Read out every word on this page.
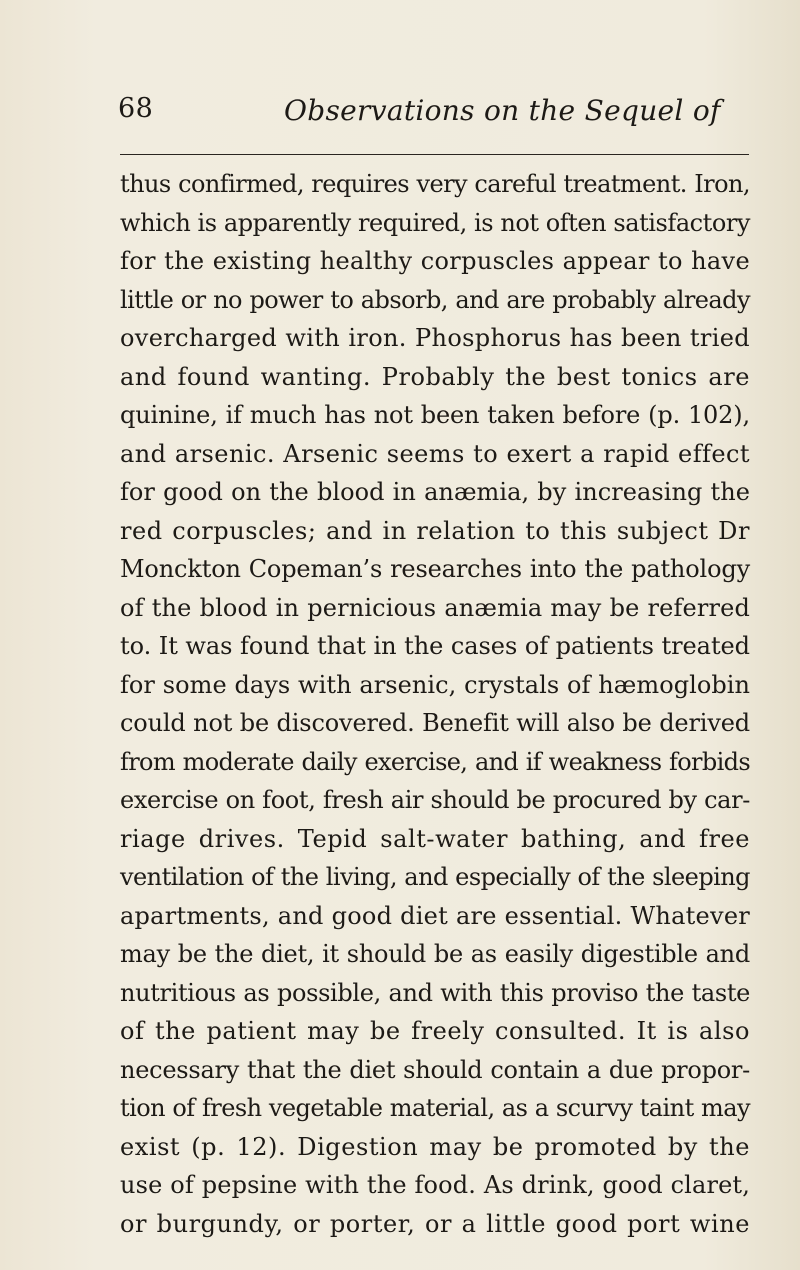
68	Observations on the Sequel of
thus confirmed, requires very careful treatment. Iron,
which is apparently required, is not often satisfactory
for the existing healthy corpuscles appear to have
little or no power to absorb, and are probably already
overcharged with iron. Phosphorus has been tried
and found wanting. Probably the best tonics are
quinine, if much has not been taken before (p. 102),
and arsenic. Arsenic seems to exert a rapid effect
for good on the blood in anæmia, by increasing the
red corpuscles; and in relation to this subject Dr
Monckton Copeman’s researches into the pathology
of the blood in pernicious anæmia may be referred
to. It was found that in the cases of patients treated
for some days with arsenic, crystals of hæmoglobin
could not be discovered. Benefit will also be derived
from moderate daily exercise, and if weakness forbids
exercise on foot, fresh air should be procured by car-
riage drives. Tepid salt-water bathing, and free
ventilation of the living, and especially of the sleeping
apartments, and good diet are essential. Whatever
may be the diet, it should be as easily digestible and
nutritious as possible, and with this proviso the taste
of the patient may be freely consulted. It is also
necessary that the diet should contain a due propor-
tion of fresh vegetable material, as a scurvy taint may
exist (p. 12). Digestion may be promoted by the
use of pepsine with the food. As drink, good claret,
or burgundy, or porter, or a little good port wine
